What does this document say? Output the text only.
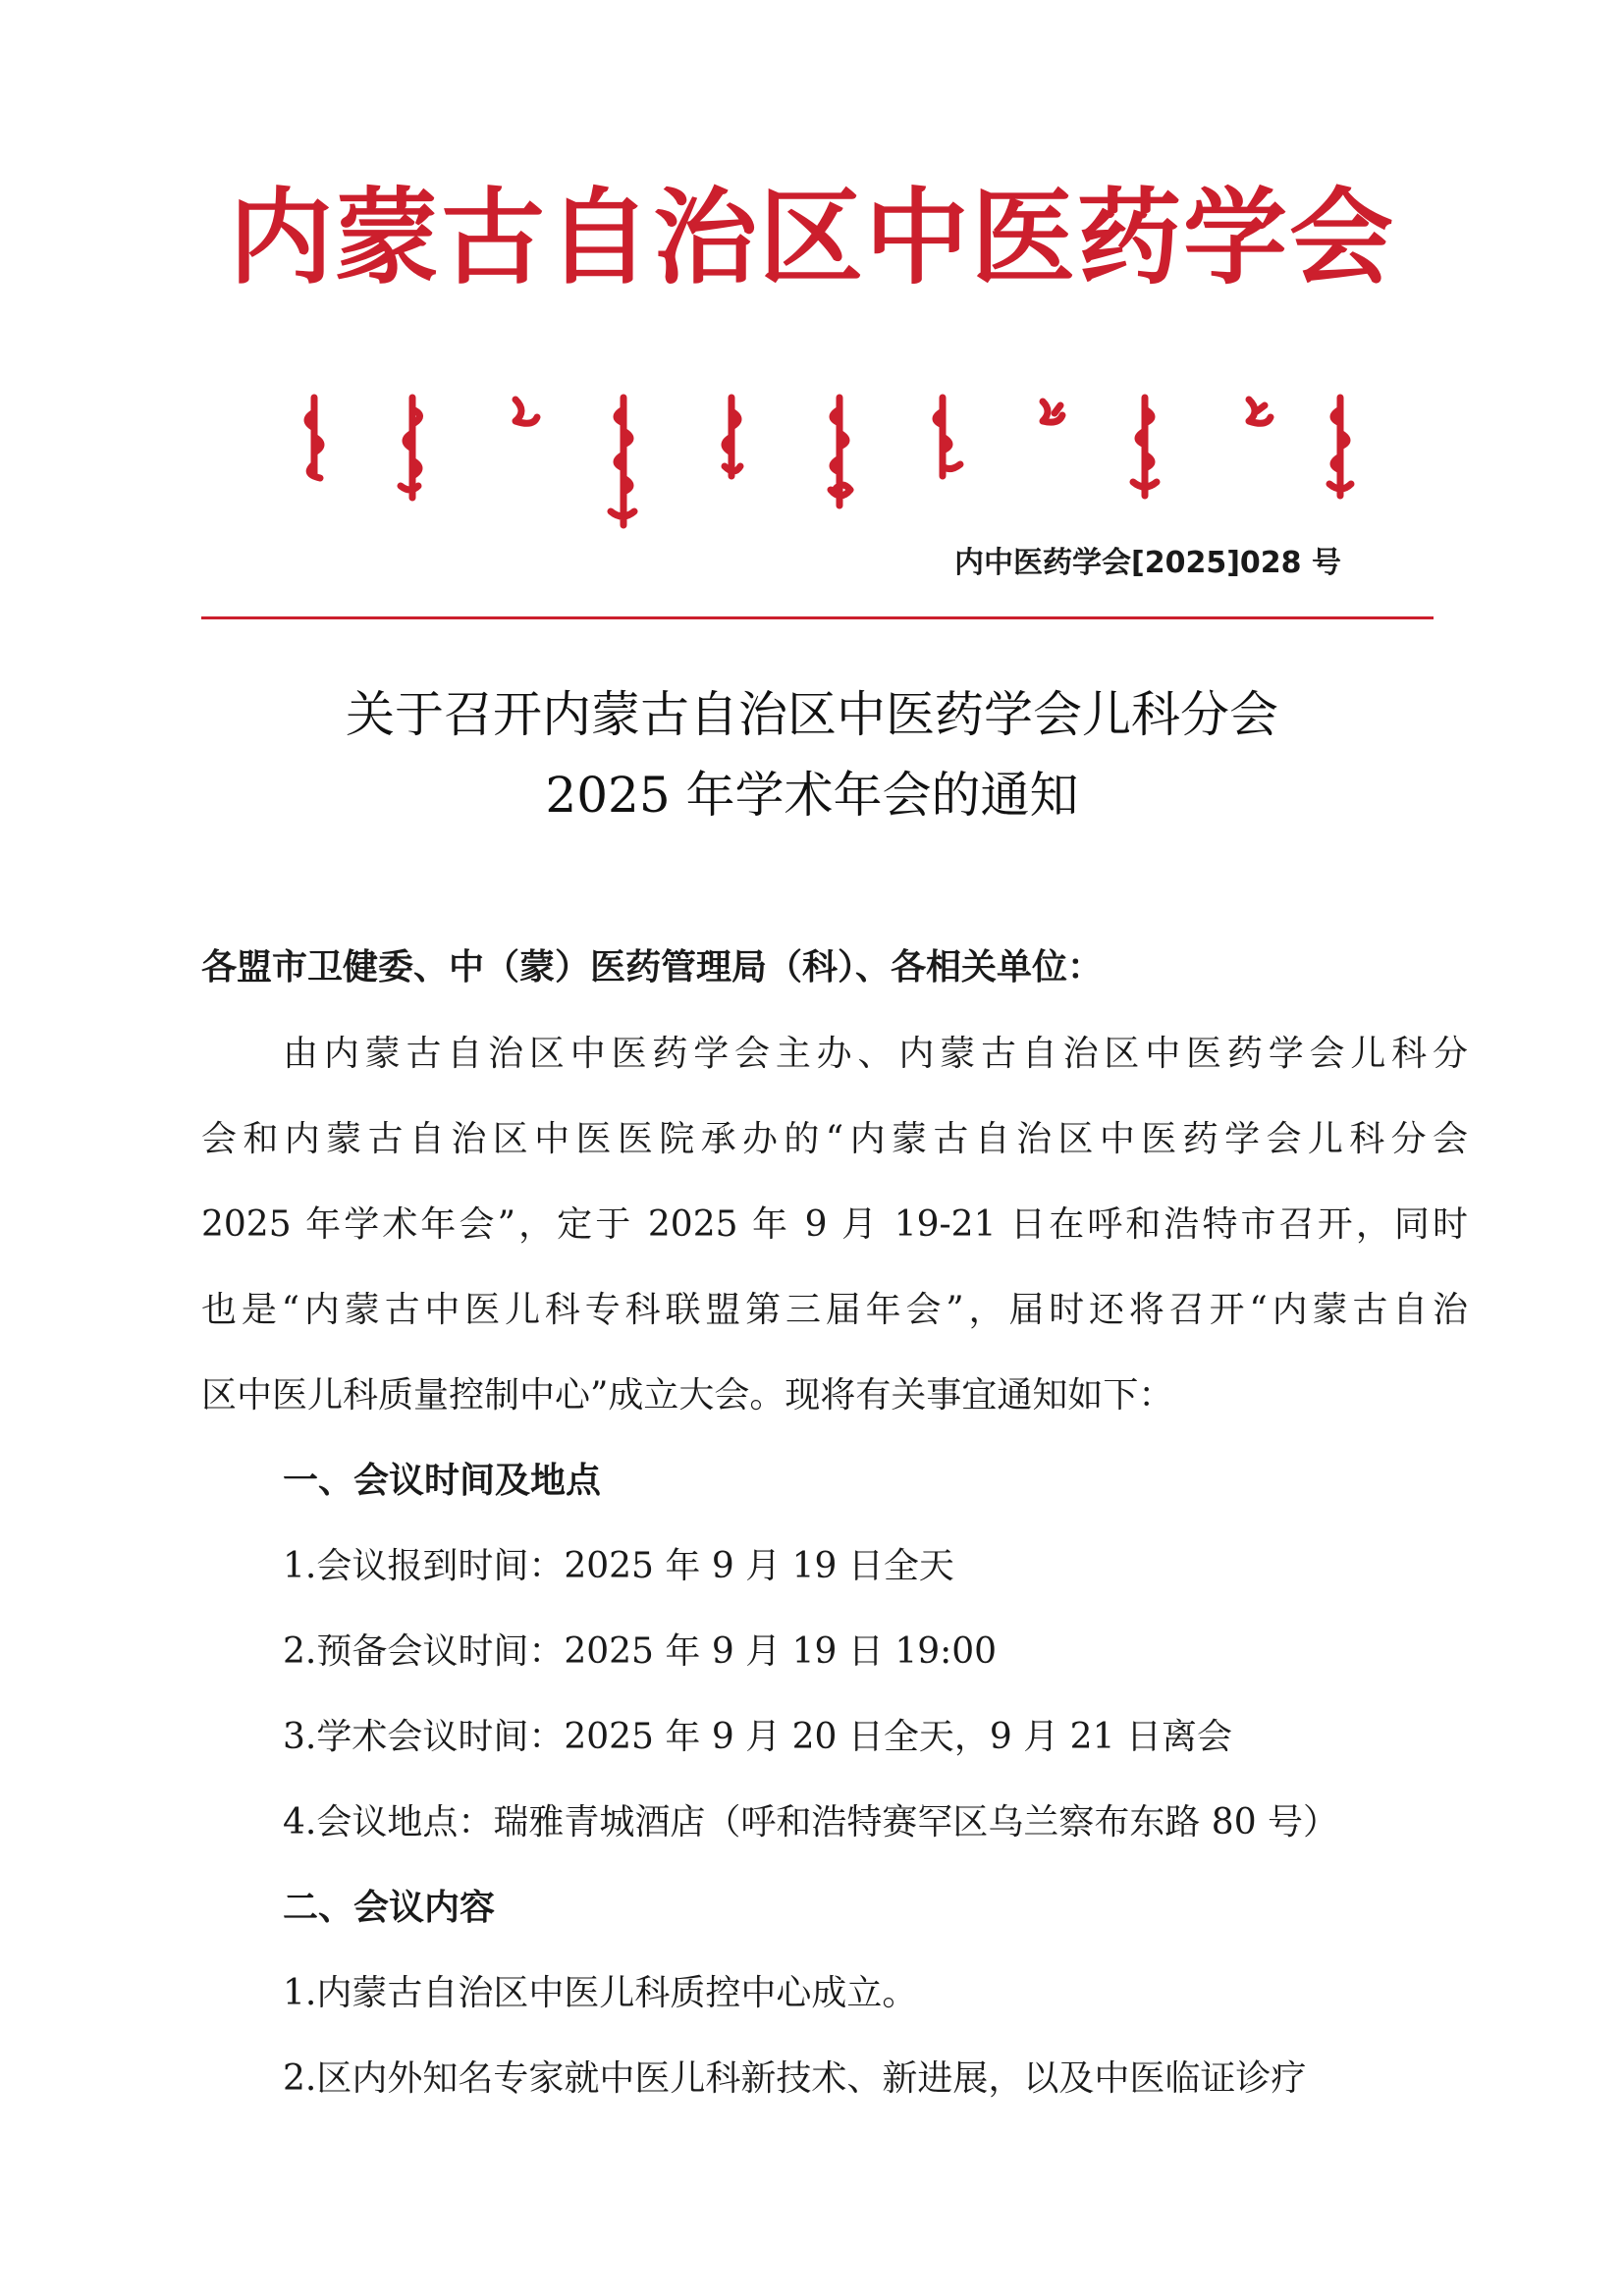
内蒙古自治区中医药学会
内中医药学会[2025]028 号
关于召开内蒙古自治区中医药学会儿科分会
2025 年学术年会的通知
各盟市卫健委、中（蒙）医药管理局（科）、各相关单位：
由内蒙古自治区中医药学会主办、内蒙古自治区中医药学会儿科分
会和内蒙古自治区中医医院承办的“内蒙古自治区中医药学会儿科分会
2025 年学术年会”，定于 2025 年 9 月 19-21 日在呼和浩特市召开，同时
也是“内蒙古中医儿科专科联盟第三届年会”，届时还将召开“内蒙古自治
区中医儿科质量控制中心”成立大会。现将有关事宜通知如下：
一、会议时间及地点
1.会议报到时间：2025 年 9 月 19 日全天
2.预备会议时间：2025 年 9 月 19 日 19:00
3.学术会议时间：2025 年 9 月 20 日全天，9 月 21 日离会
4.会议地点：瑞雅青城酒店（呼和浩特赛罕区乌兰察布东路 80 号）
二、会议内容
1.内蒙古自治区中医儿科质控中心成立。
2.区内外知名专家就中医儿科新技术、新进展，以及中医临证诊疗
